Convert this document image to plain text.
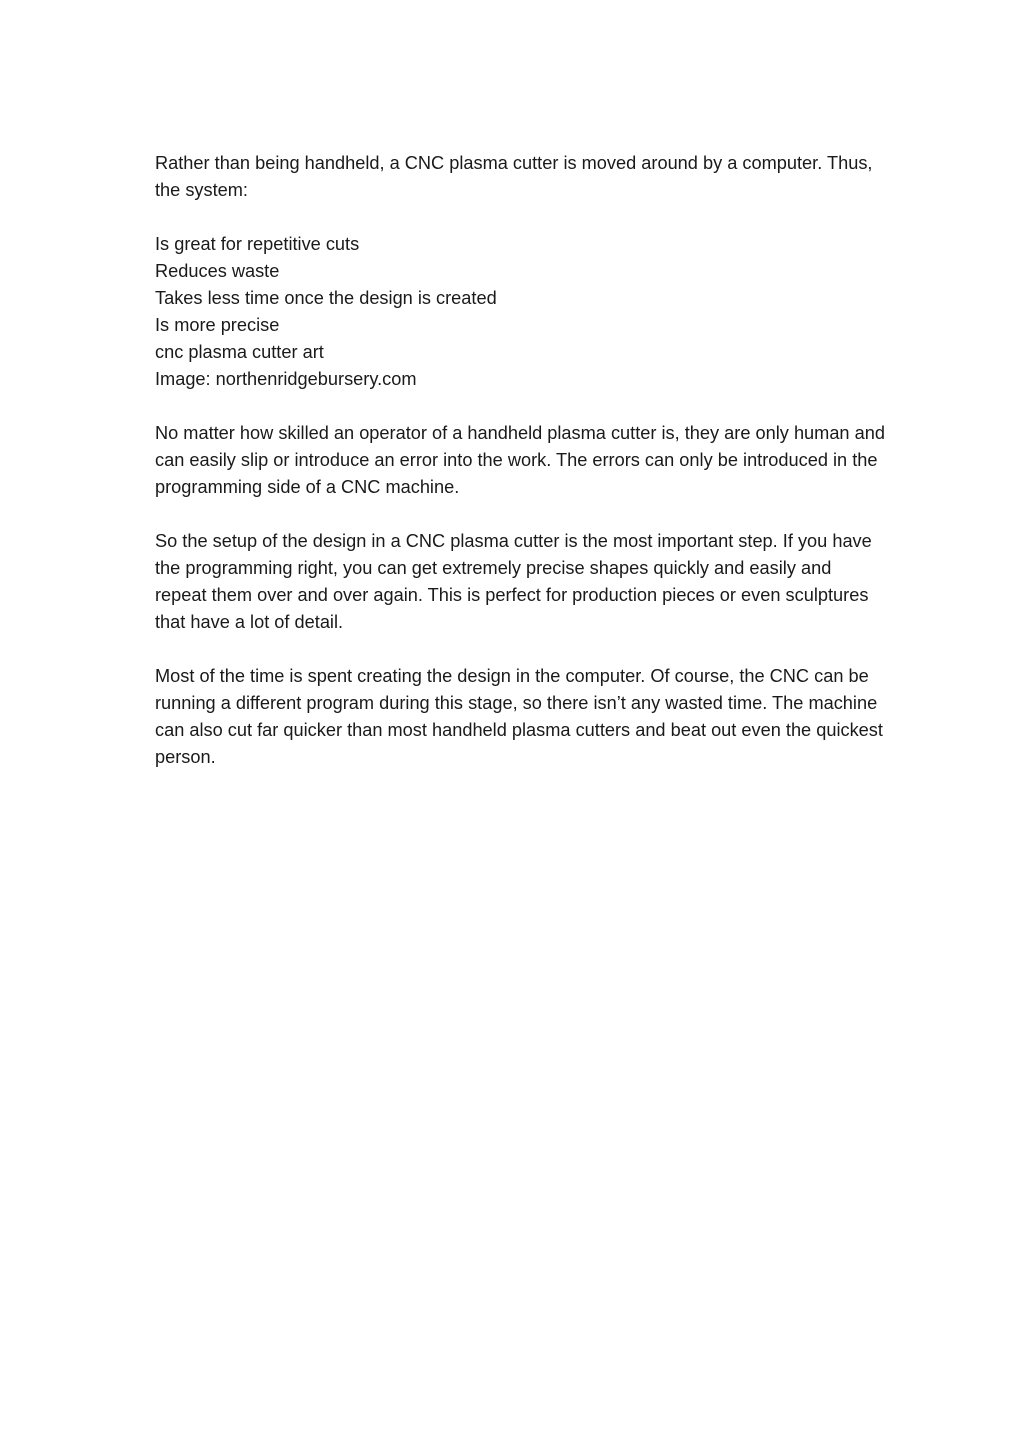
Rather than being handheld, a CNC plasma cutter is moved around by a computer. Thus, the system:

Is great for repetitive cuts
Reduces waste
Takes less time once the design is created
Is more precise
cnc plasma cutter art
Image: northenridgebursery.com

No matter how skilled an operator of a handheld plasma cutter is, they are only human and can easily slip or introduce an error into the work. The errors can only be introduced in the programming side of a CNC machine.

So the setup of the design in a CNC plasma cutter is the most important step. If you have the programming right, you can get extremely precise shapes quickly and easily and repeat them over and over again. This is perfect for production pieces or even sculptures that have a lot of detail.

Most of the time is spent creating the design in the computer. Of course, the CNC can be running a different program during this stage, so there isn’t any wasted time. The machine can also cut far quicker than most handheld plasma cutters and beat out even the quickest person.
